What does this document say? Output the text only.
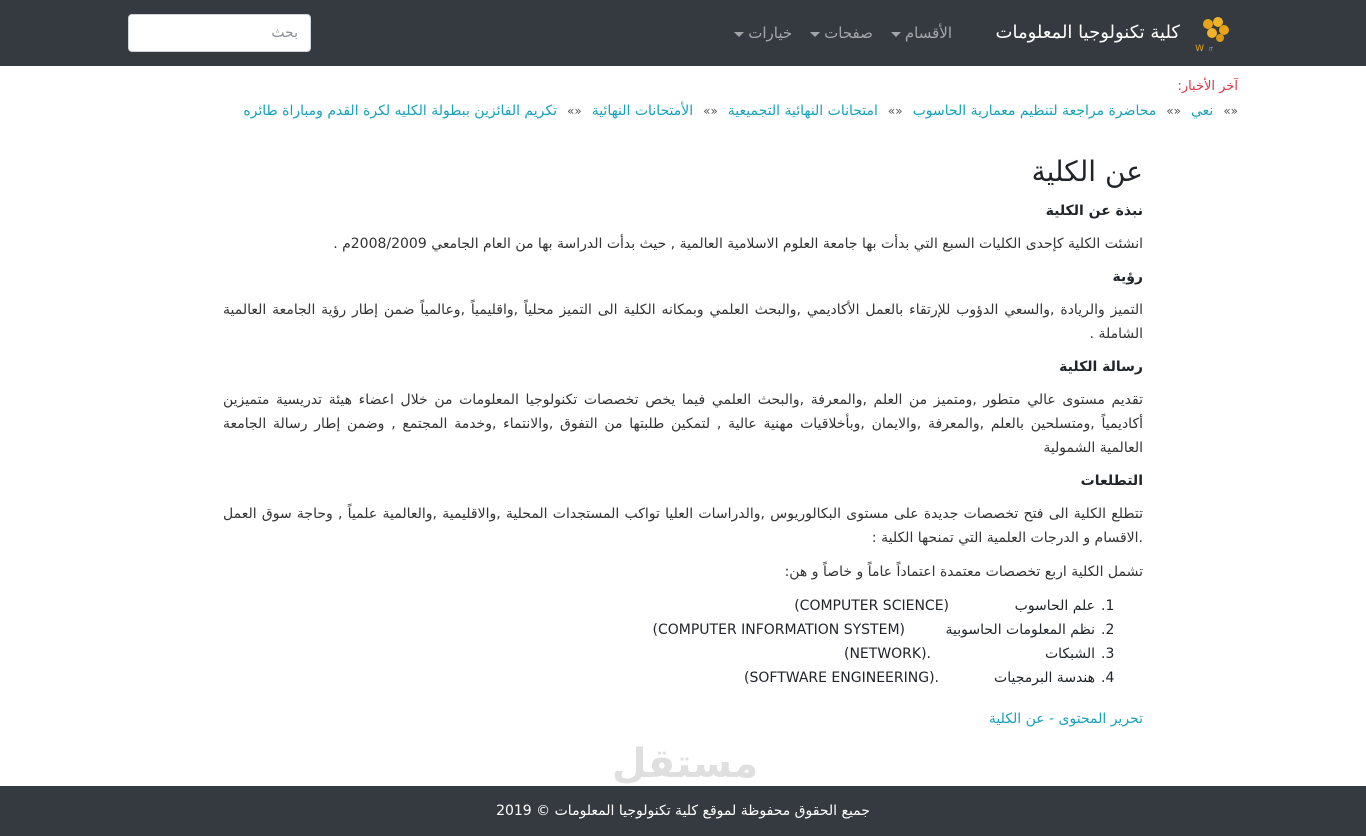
W IT
كلية تكنولوجيا المعلومات
الأقسام
صفحات
خيارات
بحث
آخر الأخبار:
«»
نعي
«»
محاضرة مراجعة لتنظيم معمارية الحاسوب
«»
امتحانات النهائية التجميعية
«»
الأمتحانات النهائية
«»
تكريم الفائزين ببطولة الكليه لكرة القدم ومباراة طائره
عن الكلية
نبذة عن الكلية

انشئت الكلية كإحدى الكليات السبع التي بدأت بها جامعة العلوم الاسلامية العالمية , حيث بدأت الدراسة بها من العام الجامعي 2008/2009م .

رؤية

التميز والريادة ,والسعي الدؤوب للإرتقاء بالعمل الأكاديمي ,والبحث العلمي وبمكانه الكلية الى التميز محلياً ,واقليمياً ,وعالمياً ضمن إطار رؤية الجامعة العالمية الشاملة .

رسالة الكلية

تقديم مستوى عالي متطور ,ومتميز من العلم ,والمعرفة ,والبحث العلمي فيما يخص تخصصات تكنولوجيا المعلومات من خلال اعضاء هيئة تدريسية متميزين أكاديمياً ,ومتسلحين بالعلم ,والمعرفة ,والايمان ,وبأخلاقيات مهنية عالية , لتمكين طلبتها من التفوق ,والانتماء ,وخدمة المجتمع , وضمن إطار رسالة الجامعة العالمية الشمولية

التطلعات

تتطلع الكلية الى فتح تخصصات جديدة على مستوى البكالوريوس ,والدراسات العليا تواكب المستجدات المحلية ,والاقليمية ,والعالمية علمياً , وحاجة سوق العمل .الاقسام و الدرجات العلمية التي تمنحها الكلية :

تشمل الكلية اربع تخصصات معتمدة اعتماداً عاماً و خاصاً و هن:

1.
علم الحاسوب
(COMPUTER SCIENCE)
2.
نظم المعلومات الحاسوبية
(COMPUTER INFORMATION SYSTEM)
3.
الشبكات
(NETWORK).
4.
هندسة البرمجيات
(SOFTWARE ENGINEERING).
تحرير المحتوى - عن الكلية
مستقل
جميع الحقوق محفوظة لموقع كلية تكنولوجيا المعلومات © 2019
